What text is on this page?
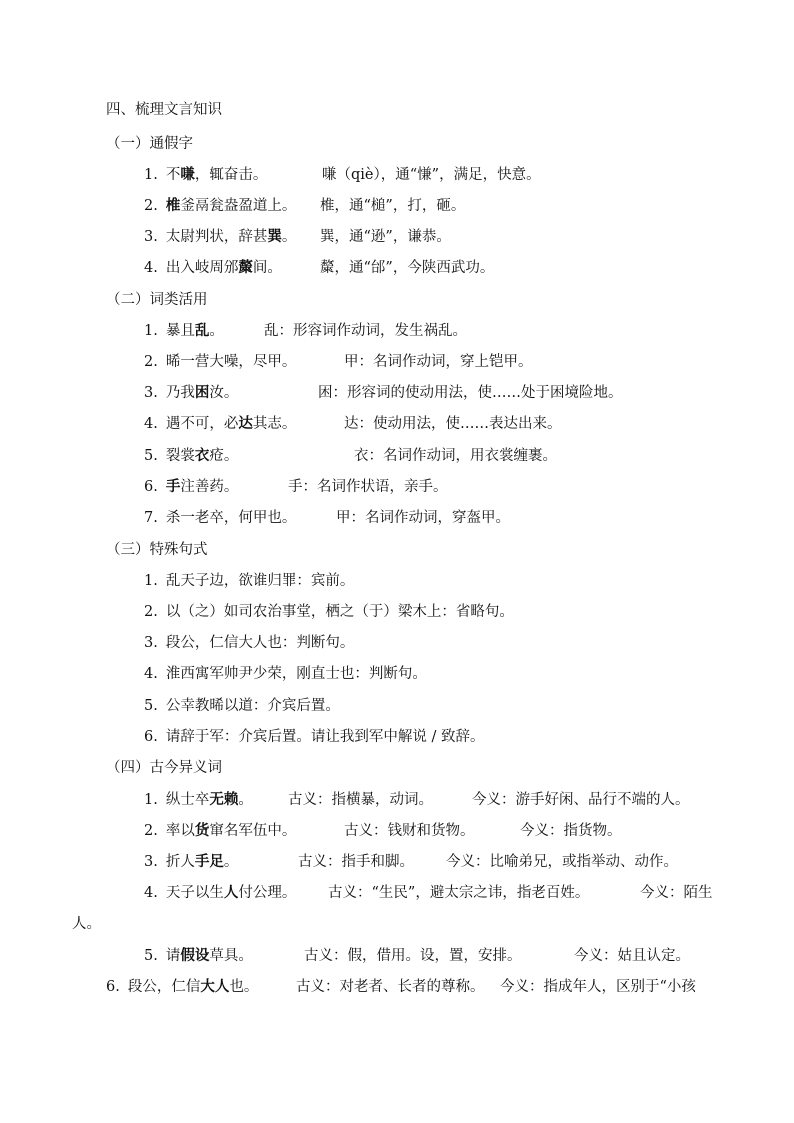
四、梳理文言知识
（一）通假字
1. 不嗛，辄奋击。	嗛（qiè），通“慊”，满足，快意。
2. 椎釜鬲瓮盎盈道上。 椎，通“槌”，打，砸。
3. 太尉判状，辞甚巽。 巽，通“逊”，谦恭。
4. 出入岐周邠斄间。	斄，通“邰”，今陕西武功。
（二）词类活用
1. 暴且乱。	乱：形容词作动词，发生祸乱。
2. 晞一营大噪，尽甲。	甲：名词作动词，穿上铠甲。
3. 乃我困汝。	困：形容词的使动用法，使……处于困境险地。
4. 遇不可，必达其志。	达：使动用法，使……表达出来。
5. 裂裳衣疮。	衣：名词作动词，用衣裳缠裹。
6. 手注善药。	手：名词作状语，亲手。
7. 杀一老卒，何甲也。	甲：名词作动词，穿盔甲。
（三）特殊句式
1. 乱天子边，欲谁归罪：宾前。
2. 以（之）如司农治事堂，栖之（于）梁木上：省略句。
3. 段公，仁信大人也：判断句。
4. 淮西寓军帅尹少荣，刚直士也：判断句。
5. 公幸教晞以道：介宾后置。
6. 请辞于军：介宾后置。请让我到军中解说 / 致辞。
（四）古今异义词
1. 纵士卒无赖。 古义：指横暴，动词。	今义：游手好闲、品行不端的人。
2. 率以货窜名军伍中。	古义：钱财和货物。	今义：指货物。
3. 折人手足。	古义：指手和脚。 今义：比喻弟兄，或指举动、动作。
4. 天子以生人付公理。 古义：“生民”，避太宗之讳，指老百姓。	今义：陌生
人。
5. 请假设草具。	古义：假，借用。设，置，安排。	今义：姑且认定。
6. 段公，仁信大人也。	古义：对老者、长者的尊称。 今义：指成年人，区别于“小孩
